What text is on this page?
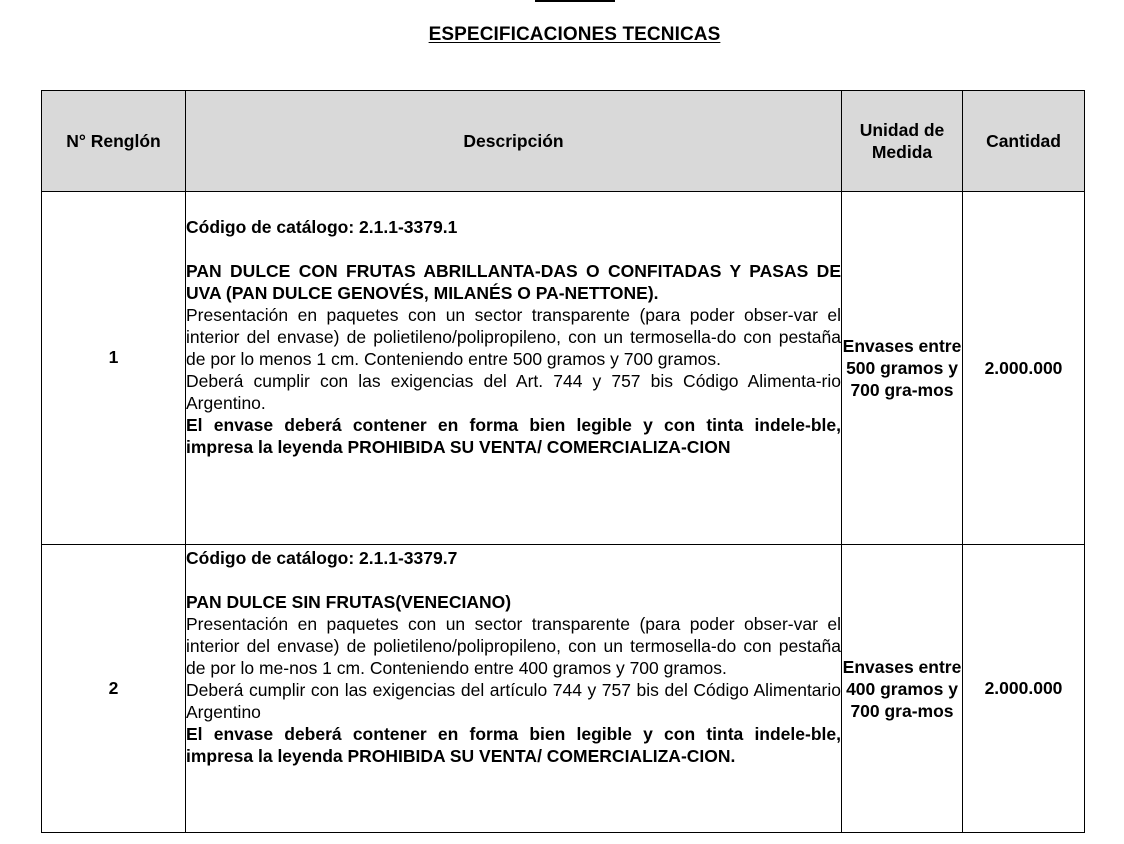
ESPECIFICACIONES TECNICAS
N° Renglón	Descripción	Unidad de Medida	Cantidad
1	Código de catálogo: 2.1.1-3379.1
PAN DULCE CON FRUTAS ABRILLANTA-DAS O CONFITADAS Y PASAS DE UVA (PAN DULCE GENOVÉS, MILANÉS O PA-NETTONE).
Presentación en paquetes con un sector transparente (para poder obser-var el interior del envase) de polietileno/polipropileno, con un termosella-do con pestaña de por lo menos 1 cm. Conteniendo entre 500 gramos y 700 gramos.
Deberá cumplir con las exigencias del Art. 744 y 757 bis Código Alimenta-rio Argentino.
El envase deberá contener en forma bien legible y con tinta indele-ble, impresa la leyenda PROHIBIDA SU VENTA/ COMERCIALIZA-CION	Envases entre 500 gramos y 700 gra-mos	2.000.000
2	Código de catálogo: 2.1.1-3379.7
PAN DULCE SIN FRUTAS(VENECIANO)
Presentación en paquetes con un sector transparente (para poder obser-var el interior del envase) de polietileno/polipropileno, con un termosella-do con pestaña de por lo me-nos 1 cm. Conteniendo entre 400 gramos y 700 gramos.
Deberá cumplir con las exigencias del artículo 744 y 757 bis del Código Alimentario Argentino
El envase deberá contener en forma bien legible y con tinta indele-ble, impresa la leyenda PROHIBIDA SU VENTA/ COMERCIALIZA-CION.	Envases entre 400 gramos y 700 gra-mos	2.000.000
